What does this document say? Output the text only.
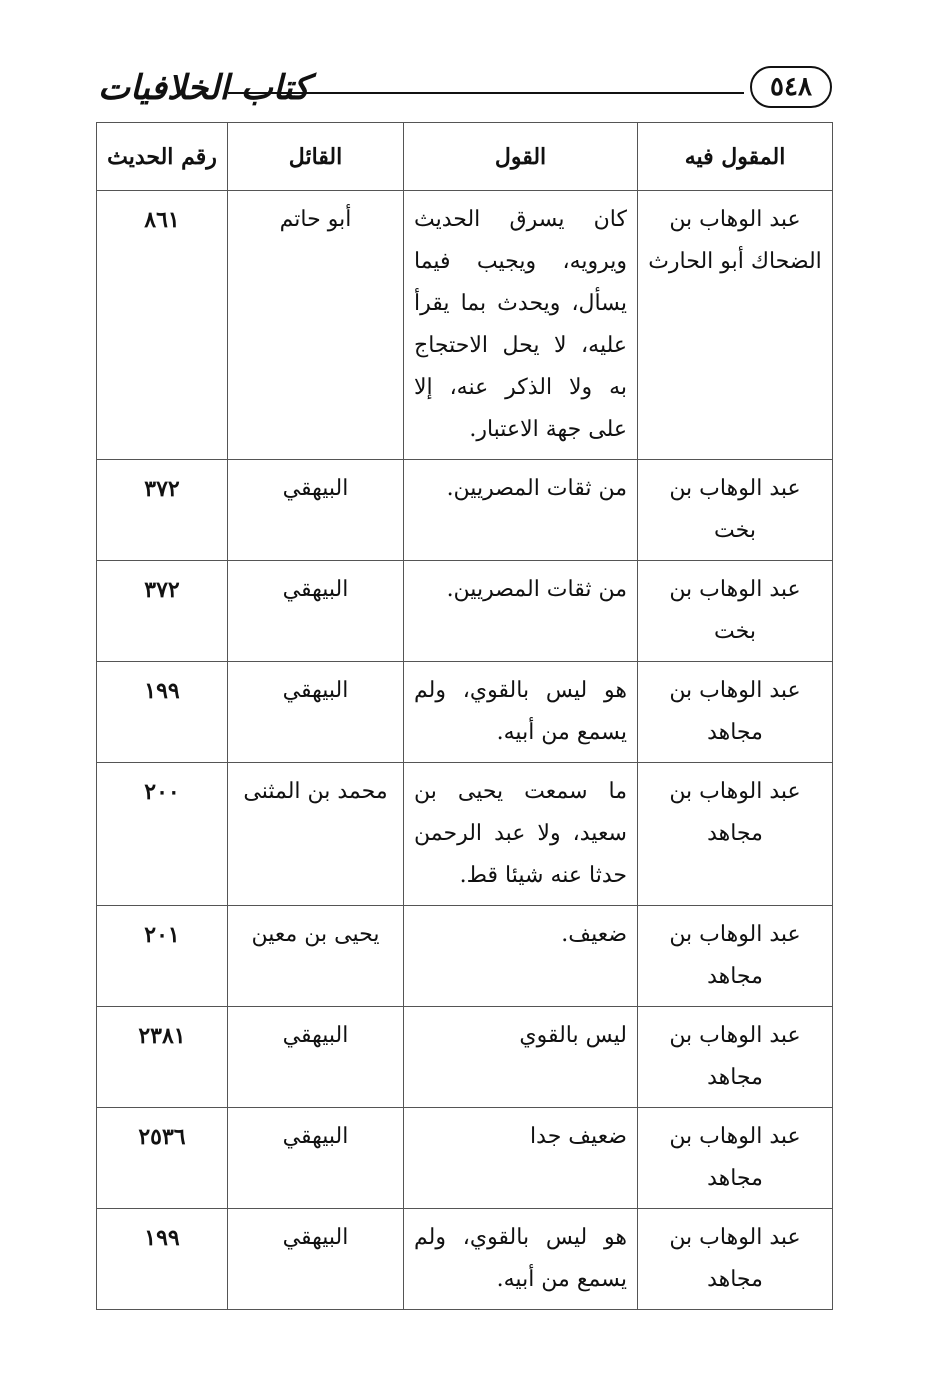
كتاب الخلافيات	٥٤٨
المقول فيه	القول	القائل	رقم الحديث
عبد الوهاب بن الضحاك أبو الحارث	كان يسرق الحديث ويرويه، ويجيب فيما يسأل، ويحدث بما يقرأ عليه، لا يحل الاحتجاج به ولا الذكر عنه، إلا على جهة الاعتبار.	أبو حاتم	٨٦١
عبد الوهاب بن بخت	من ثقات المصريين.	البيهقي	٣٧٢
عبد الوهاب بن بخت	من ثقات المصريين.	البيهقي	٣٧٢
عبد الوهاب بن مجاهد	هو ليس بالقوي، ولم يسمع من أبيه.	البيهقي	١٩٩
عبد الوهاب بن مجاهد	ما سمعت يحيى بن سعيد، ولا عبد الرحمن حدثا عنه شيئا قط.	محمد بن المثنى	٢٠٠
عبد الوهاب بن مجاهد	ضعيف.	يحيى بن معين	٢٠١
عبد الوهاب بن مجاهد	ليس بالقوي	البيهقي	٢٣٨١
عبد الوهاب بن مجاهد	ضعيف جدا	البيهقي	٢٥٣٦
عبد الوهاب بن مجاهد	هو ليس بالقوي، ولم يسمع من أبيه.	البيهقي	١٩٩
